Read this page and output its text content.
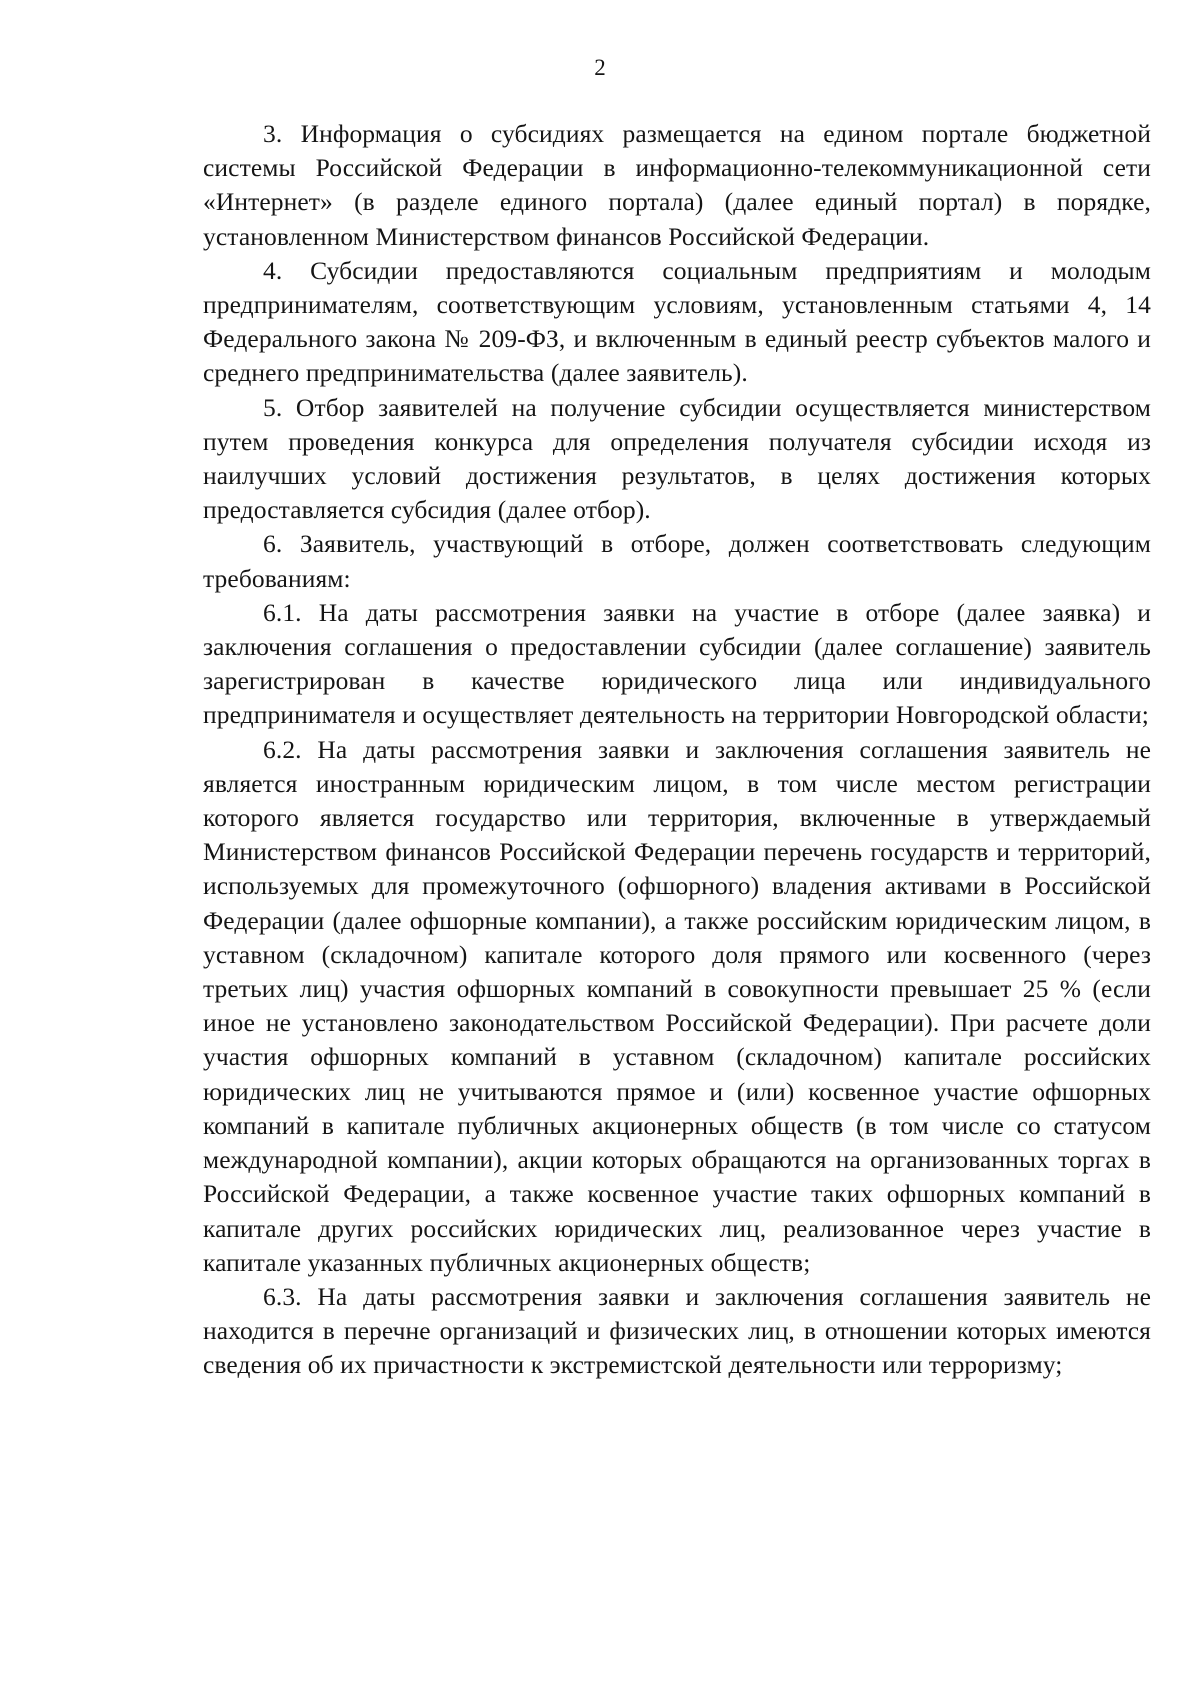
2

3. Информация о субсидиях размещается на едином портале бюджетной системы Российской Федерации в информационно-телекоммуникационной сети «Интернет» (в разделе единого портала) (далее единый портал) в порядке, установленном Министерством финансов Российской Федерации.

4. Субсидии предоставляются социальным предприятиям и молодым предпринимателям, соответствующим условиям, установленным статьями 4, 14 Федерального закона № 209-ФЗ, и включенным в единый реестр субъектов малого и среднего предпринимательства (далее заявитель).

5. Отбор заявителей на получение субсидии осуществляется министерством путем проведения конкурса для определения получателя субсидии исходя из наилучших условий достижения результатов, в целях достижения которых предоставляется субсидия (далее отбор).

6. Заявитель, участвующий в отборе, должен соответствовать следующим требованиям:

6.1. На даты рассмотрения заявки на участие в отборе (далее заявка) и заключения соглашения о предоставлении субсидии (далее соглашение) заявитель зарегистрирован в качестве юридического лица или индивидуального предпринимателя и осуществляет деятельность на территории Новгородской области;

6.2. На даты рассмотрения заявки и заключения соглашения заявитель не является иностранным юридическим лицом, в том числе местом регистрации которого является государство или территория, включенные в утверждаемый Министерством финансов Российской Федерации перечень государств и территорий, используемых для промежуточного (офшорного) владения активами в Российской Федерации (далее офшорные компании), а также российским юридическим лицом, в уставном (складочном) капитале которого доля прямого или косвенного (через третьих лиц) участия офшорных компаний в совокупности превышает 25 % (если иное не установлено законодательством Российской Федерации). При расчете доли участия офшорных компаний в уставном (складочном) капитале российских юридических лиц не учитываются прямое и (или) косвенное участие офшорных компаний в капитале публичных акционерных обществ (в том числе со статусом международной компании), акции которых обращаются на организованных торгах в Российской Федерации, а также косвенное участие таких офшорных компаний в капитале других российских юридических лиц, реализованное через участие в капитале указанных публичных акционерных обществ;

6.3. На даты рассмотрения заявки и заключения соглашения заявитель не находится в перечне организаций и физических лиц, в отношении которых имеются сведения об их причастности к экстремистской деятельности или терроризму;
